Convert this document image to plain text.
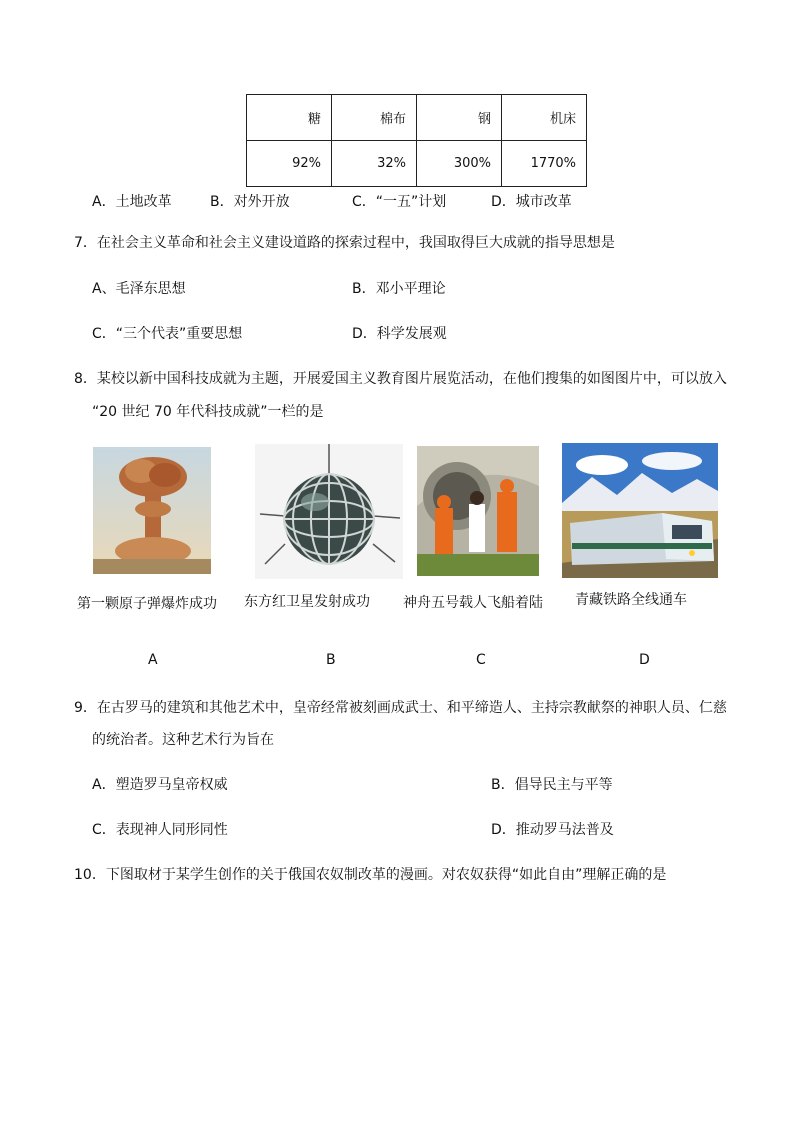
糖	棉布	钢	机床
92%	32%	300%	1770%
A．土地改革	B．对外开放	C．“一五”计划	D．城市改革
7．在社会主义革命和社会主义建设道路的探索过程中，我国取得巨大成就的指导思想是
A、毛泽东思想	B．邓小平理论
C．“三个代表”重要思想	D．科学发展观
8．某校以新中国科技成就为主题，开展爱国主义教育图片展览活动，在他们搜集的如图图片中，可以放入
“20 世纪 70 年代科技成就”一栏的是
第一颗原子弹爆炸成功 东方红卫星发射成功 神舟五号载人飞船着陆 青藏铁路全线通车
A	B	C	D
9．在古罗马的建筑和其他艺术中，皇帝经常被刻画成武士、和平缔造人、主持宗教献祭的神职人员、仁慈
的统治者。这种艺术行为旨在
A．塑造罗马皇帝权威	B．倡导民主与平等
C．表现神人同形同性	D．推动罗马法普及
10．下图取材于某学生创作的关于俄国农奴制改革的漫画。对农奴获得“如此自由”理解正确的是
